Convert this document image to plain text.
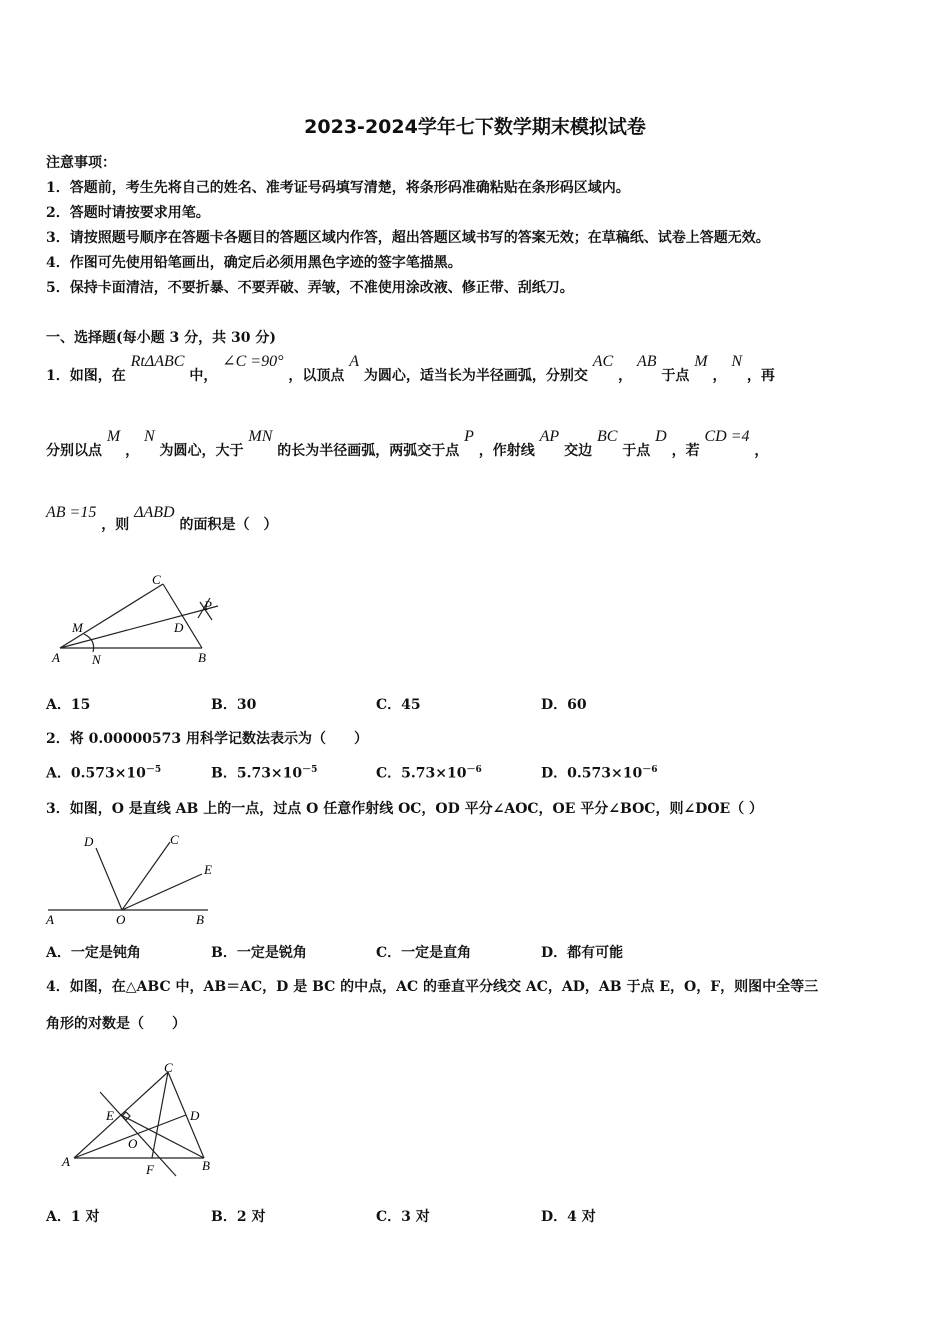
2023-2024学年七下数学期末模拟试卷
注意事项：
1．答题前，考生先将自己的姓名、准考证号码填写清楚，将条形码准确粘贴在条形码区域内。
2．答题时请按要求用笔。
3．请按照题号顺序在答题卡各题目的答题区域内作答，超出答题区域书写的答案无效；在草稿纸、试卷上答题无效。
4．作图可先使用铅笔画出，确定后必须用黑色字迹的签字笔描黑。
5．保持卡面清洁，不要折暴、不要弄破、弄皱，不准使用涂改液、修正带、刮纸刀。
一、选择题(每小题 3 分，共 30 分)
1．如图，在 RtΔABC 中， ∠C =90° ，以顶点 A 为圆心，适当长为半径画弧，分别交 AC ， AB 于点 M ， N ，再
分别以点 M ， N 为圆心，大于 MN 的长为半径画弧，两弧交于点 P ，作射线 AP 交边 BC 于点 D ，若 CD =4 ，
AB =15 ，则 ΔABD 的面积是（　）
A	B
C
D
M
N
P
A．15	B．30	C．45	D．60
2．将 0.00000573 用科学记数法表示为（　　）
A．$0.573\times 10^{-5}$	B．$5.73\times 10^{-5}$	C．$5.73\times 10^{-6}$	D．$0.573\times 10^{-6}$
3．如图，O 是直线 AB 上的一点，过点 O 任意作射线 OC，OD 平分∠AOC，OE 平分∠BOC，则∠DOE（ ）
A	B
C
D
E
O
A．一定是钝角	B．一定是锐角	C．一定是直角	D．都有可能
4．如图，在△ABC 中，AB＝AC，D 是 BC 的中点，AC 的垂直平分线交 AC，AD，AB 于点 E，O，F，则图中全等三
角形的对数是（　　）
A	B
C
D
E
F
O
A．1 对	B．2 对	C．3 对	D．4 对
